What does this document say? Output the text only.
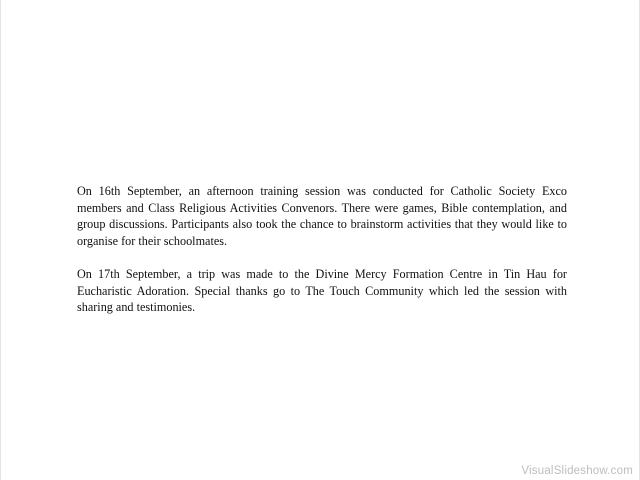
On 16th September, an afternoon training session was conducted for Catholic Society Exco members and Class Religious Activities Convenors. There were games, Bible contemplation, and group discussions. Participants also took the chance to brainstorm activities that they would like to organise for their schoolmates.

On 17th September, a trip was made to the Divine Mercy Formation Centre in Tin Hau for Eucharistic Adoration. Special thanks go to The Touch Community which led the session with sharing and testimonies.

VisualSlideshow.com
